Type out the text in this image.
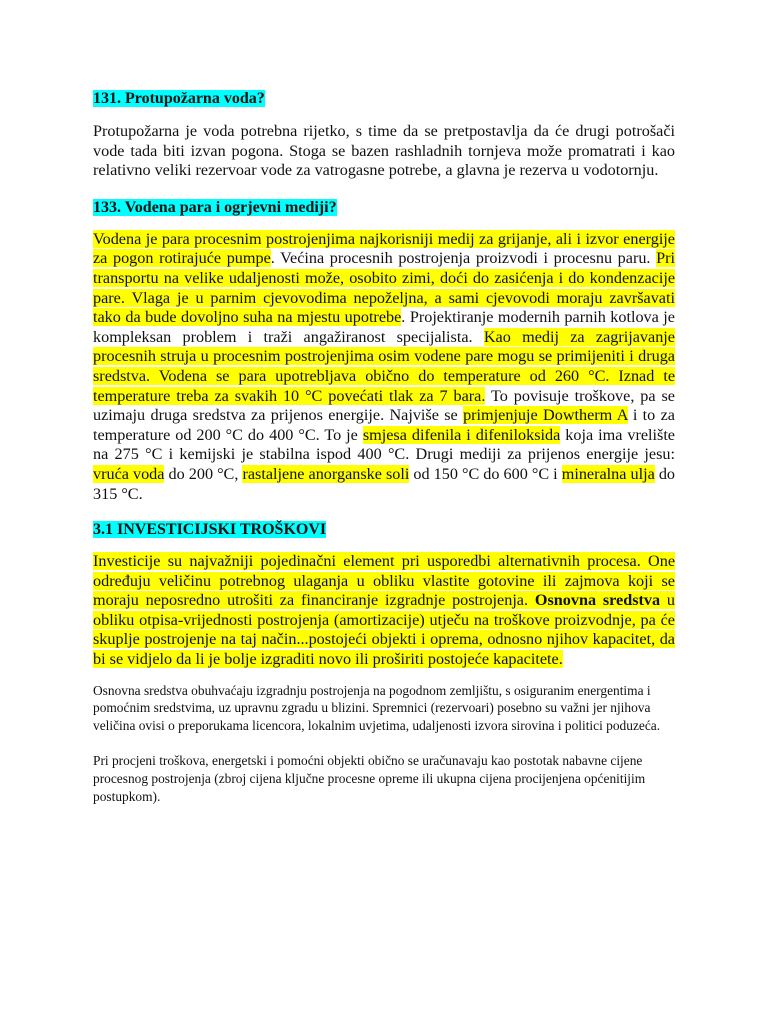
131. Protupožarna voda?

Protupožarna je voda potrebna rijetko, s time da se pretpostavlja da će drugi potrošači vode tada biti izvan pogona. Stoga se bazen rashladnih tornjeva može promatrati i kao relativno veliki rezervoar vode za vatrogasne potrebe, a glavna je rezerva u vodotornju.

133. Vodena para i ogrjevni mediji?

Vodena je para procesnim postrojenjima najkorisniji medij za grijanje, ali i izvor energije za pogon rotirajuće pumpe. Većina procesnih postrojenja proizvodi i procesnu paru. Pri transportu na velike udaljenosti može, osobito zimi, doći do zasićenja i do kondenzacije pare. Vlaga je u parnim cjevovodima nepoželjna, a sami cjevovodi moraju završavati tako da bude dovoljno suha na mjestu upotrebe. Projektiranje modernih parnih kotlova je kompleksan problem i traži angažiranost specijalista. Kao medij za zagrijavanje procesnih struja u procesnim postrojenjima osim vodene pare mogu se primijeniti i druga sredstva. Vodena se para upotrebljava obično do temperature od 260 °C. Iznad te temperature treba za svakih 10 °C povećati tlak za 7 bara. To povisuje troškove, pa se uzimaju druga sredstva za prijenos energije. Najviše se primjenjuje Dowtherm A i to za temperature od 200 °C do 400 °C. To je smjesa difenila i difeniloksida koja ima vrelište na 275 °C i kemijski je stabilna ispod 400 °C. Drugi mediji za prijenos energije jesu: vruća voda do 200 °C, rastaljene anorganske soli od 150 °C do 600 °C i mineralna ulja do 315 °C.

3.1 INVESTICIJSKI TROŠKOVI

Investicije su najvažniji pojedinačni element pri usporedbi alternativnih procesa. One određuju veličinu potrebnog ulaganja u obliku vlastite gotovine ili zajmova koji se moraju neposredno utrošiti za financiranje izgradnje postrojenja. Osnovna sredstva u obliku otpisa-vrijednosti postrojenja (amortizacije) utječu na troškove proizvodnje, pa će skuplje postrojenje na taj način...postojeći objekti i oprema, odnosno njihov kapacitet, da bi se vidjelo da li je bolje izgraditi novo ili proširiti postojeće kapacitete.

Osnovna sredstva obuhvaćaju izgradnju postrojenja na pogodnom zemljištu, s osiguranim energentima i pomoćnim sredstvima, uz upravnu zgradu u blizini. Spremnici (rezervoari) posebno su važni jer njihova veličina ovisi o preporukama licencora, lokalnim uvjetima, udaljenosti izvora sirovina i politici poduzeća.

Pri procjeni troškova, energetski i pomoćni objekti obično se uračunavaju kao postotak nabavne cijene procesnog postrojenja (zbroj cijena ključne procesne opreme ili ukupna cijena procijenjena općenitijim postupkom).
